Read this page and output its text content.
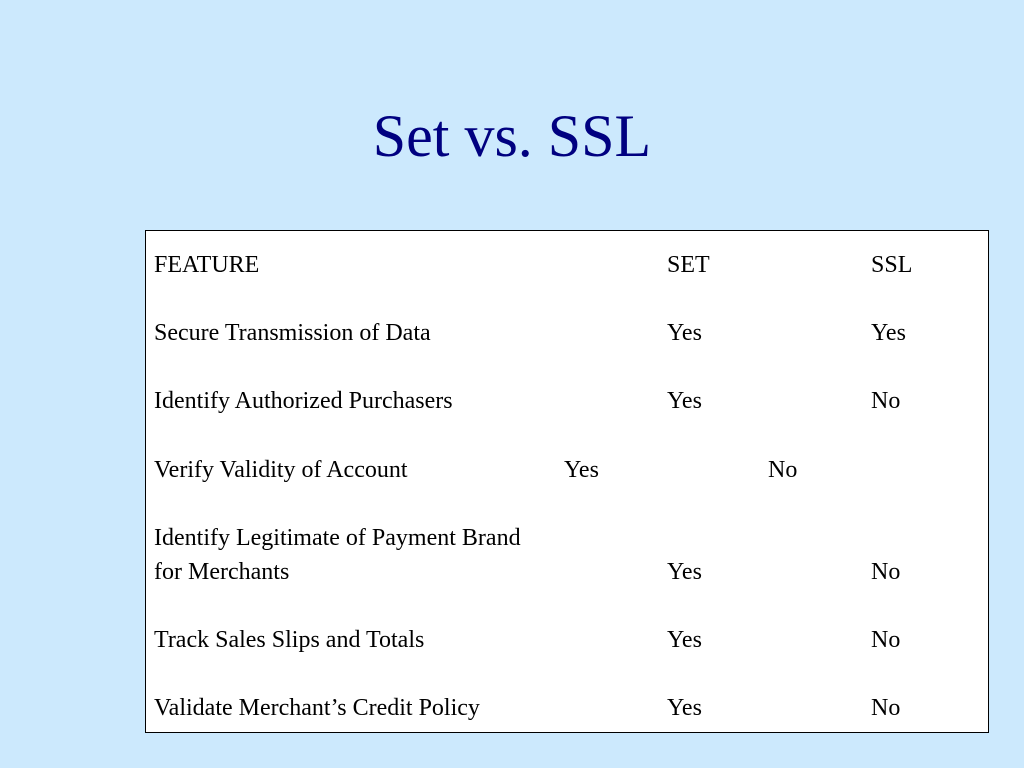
Set vs. SSL
FEATURE	SET	SSL
Secure Transmission of Data	Yes	Yes
Identify Authorized Purchasers	Yes	No
Verify Validity of Account	Yes	No
Identify Legitimate of Payment Brand
for Merchants	Yes	No
Track Sales Slips and Totals	Yes	No
Validate Merchant’s Credit Policy	Yes	No
